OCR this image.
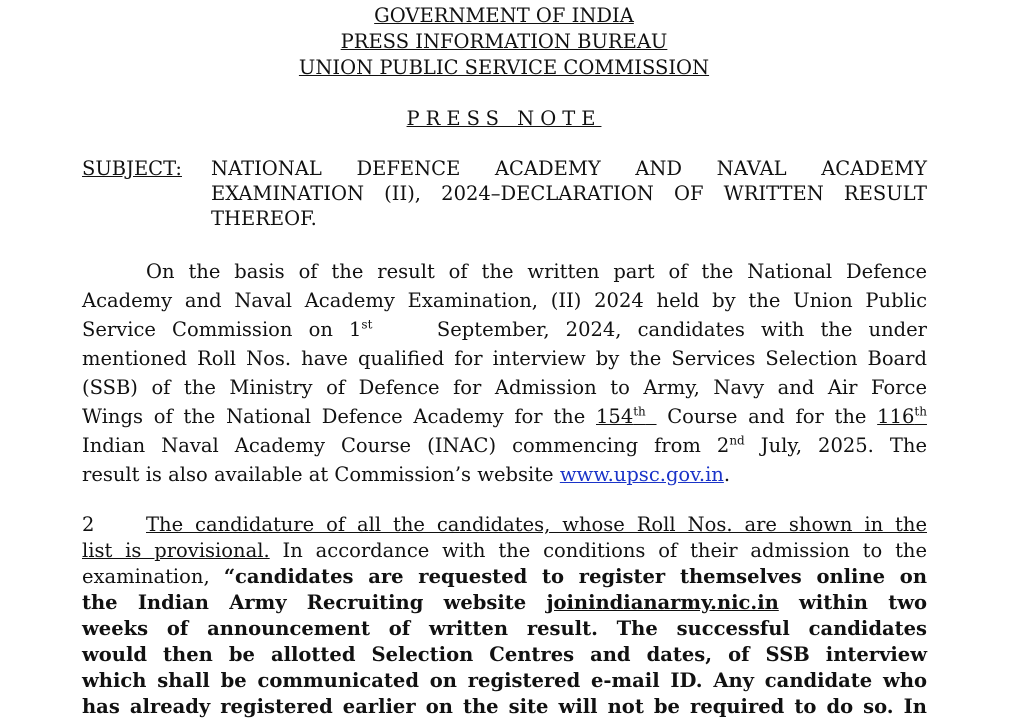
GOVERNMENT OF INDIA
PRESS INFORMATION BUREAU
UNION PUBLIC SERVICE COMMISSION
PRESS NOTE
SUBJECT: NATIONAL DEFENCE ACADEMY AND NAVAL ACADEMY
EXAMINATION (II), 2024–DECLARATION OF WRITTEN RESULT
THEREOF.
On the basis of the result of the written part of the National Defence
Academy and Naval Academy Examination, (II) 2024 held by the Union Public
Service Commission on 1st	September, 2024, candidates with the under
mentioned Roll Nos. have qualified for interview by the Services Selection Board
(SSB) of the Ministry of Defence for Admission to Army, Navy and Air Force
Wings of the National Defence Academy for the 154th Course and for the 116th
Indian Naval Academy Course (INAC) commencing from 2nd July, 2025. The
result is also available at Commission’s website www.upsc.gov.in.
2	The candidature of all the candidates, whose Roll Nos. are shown in the
list is provisional. In accordance with the conditions of their admission to the
examination, “candidates are requested to register themselves online on
the Indian Army Recruiting website joinindianarmy.nic.in within two
weeks of announcement of written result. The successful candidates
would then be allotted Selection Centres and dates, of SSB interview
which shall be communicated on registered e-mail ID. Any candidate who
has already registered earlier on the site will not be required to do so. In
